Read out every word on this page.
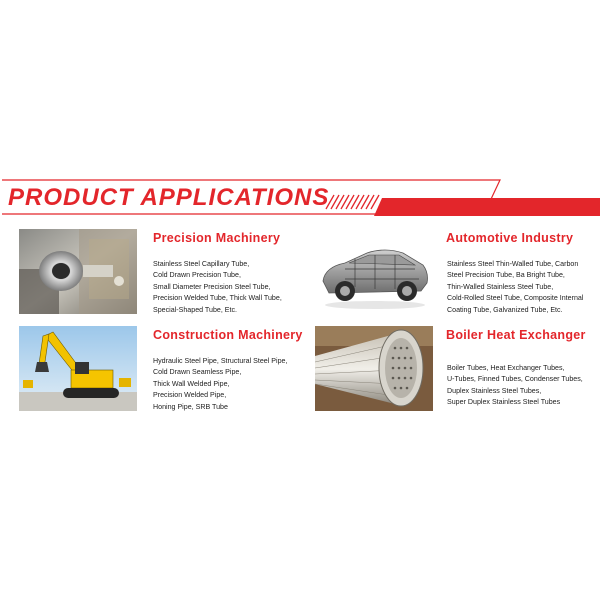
PRODUCT APPLICATIONS
Precision Machinery
Stainless Steel Capillary Tube,
Cold Drawn Precision Tube,
Small Diameter Precision Steel Tube,
Precision Welded Tube, Thick Wall Tube,
Special-Shaped Tube, Etc.
Automotive Industry
Stainless Steel Thin-Walled Tube, Carbon
Steel Precision Tube, Ba Bright Tube,
Thin-Walled Stainless Steel Tube,
Cold-Rolled Steel Tube, Composite Internal
Coating Tube, Galvanized Tube, Etc.
Construction Machinery
Hydraulic Steel Pipe, Structural Steel Pipe,
Cold Drawn Seamless Pipe,
Thick Wall Welded Pipe,
Precision Welded Pipe,
Honing Pipe, SRB Tube
Boiler Heat Exchanger
Boiler Tubes, Heat Exchanger Tubes,
U-Tubes, Finned Tubes, Condenser Tubes,
Duplex Stainless Steel Tubes,
Super Duplex Stainless Steel Tubes
